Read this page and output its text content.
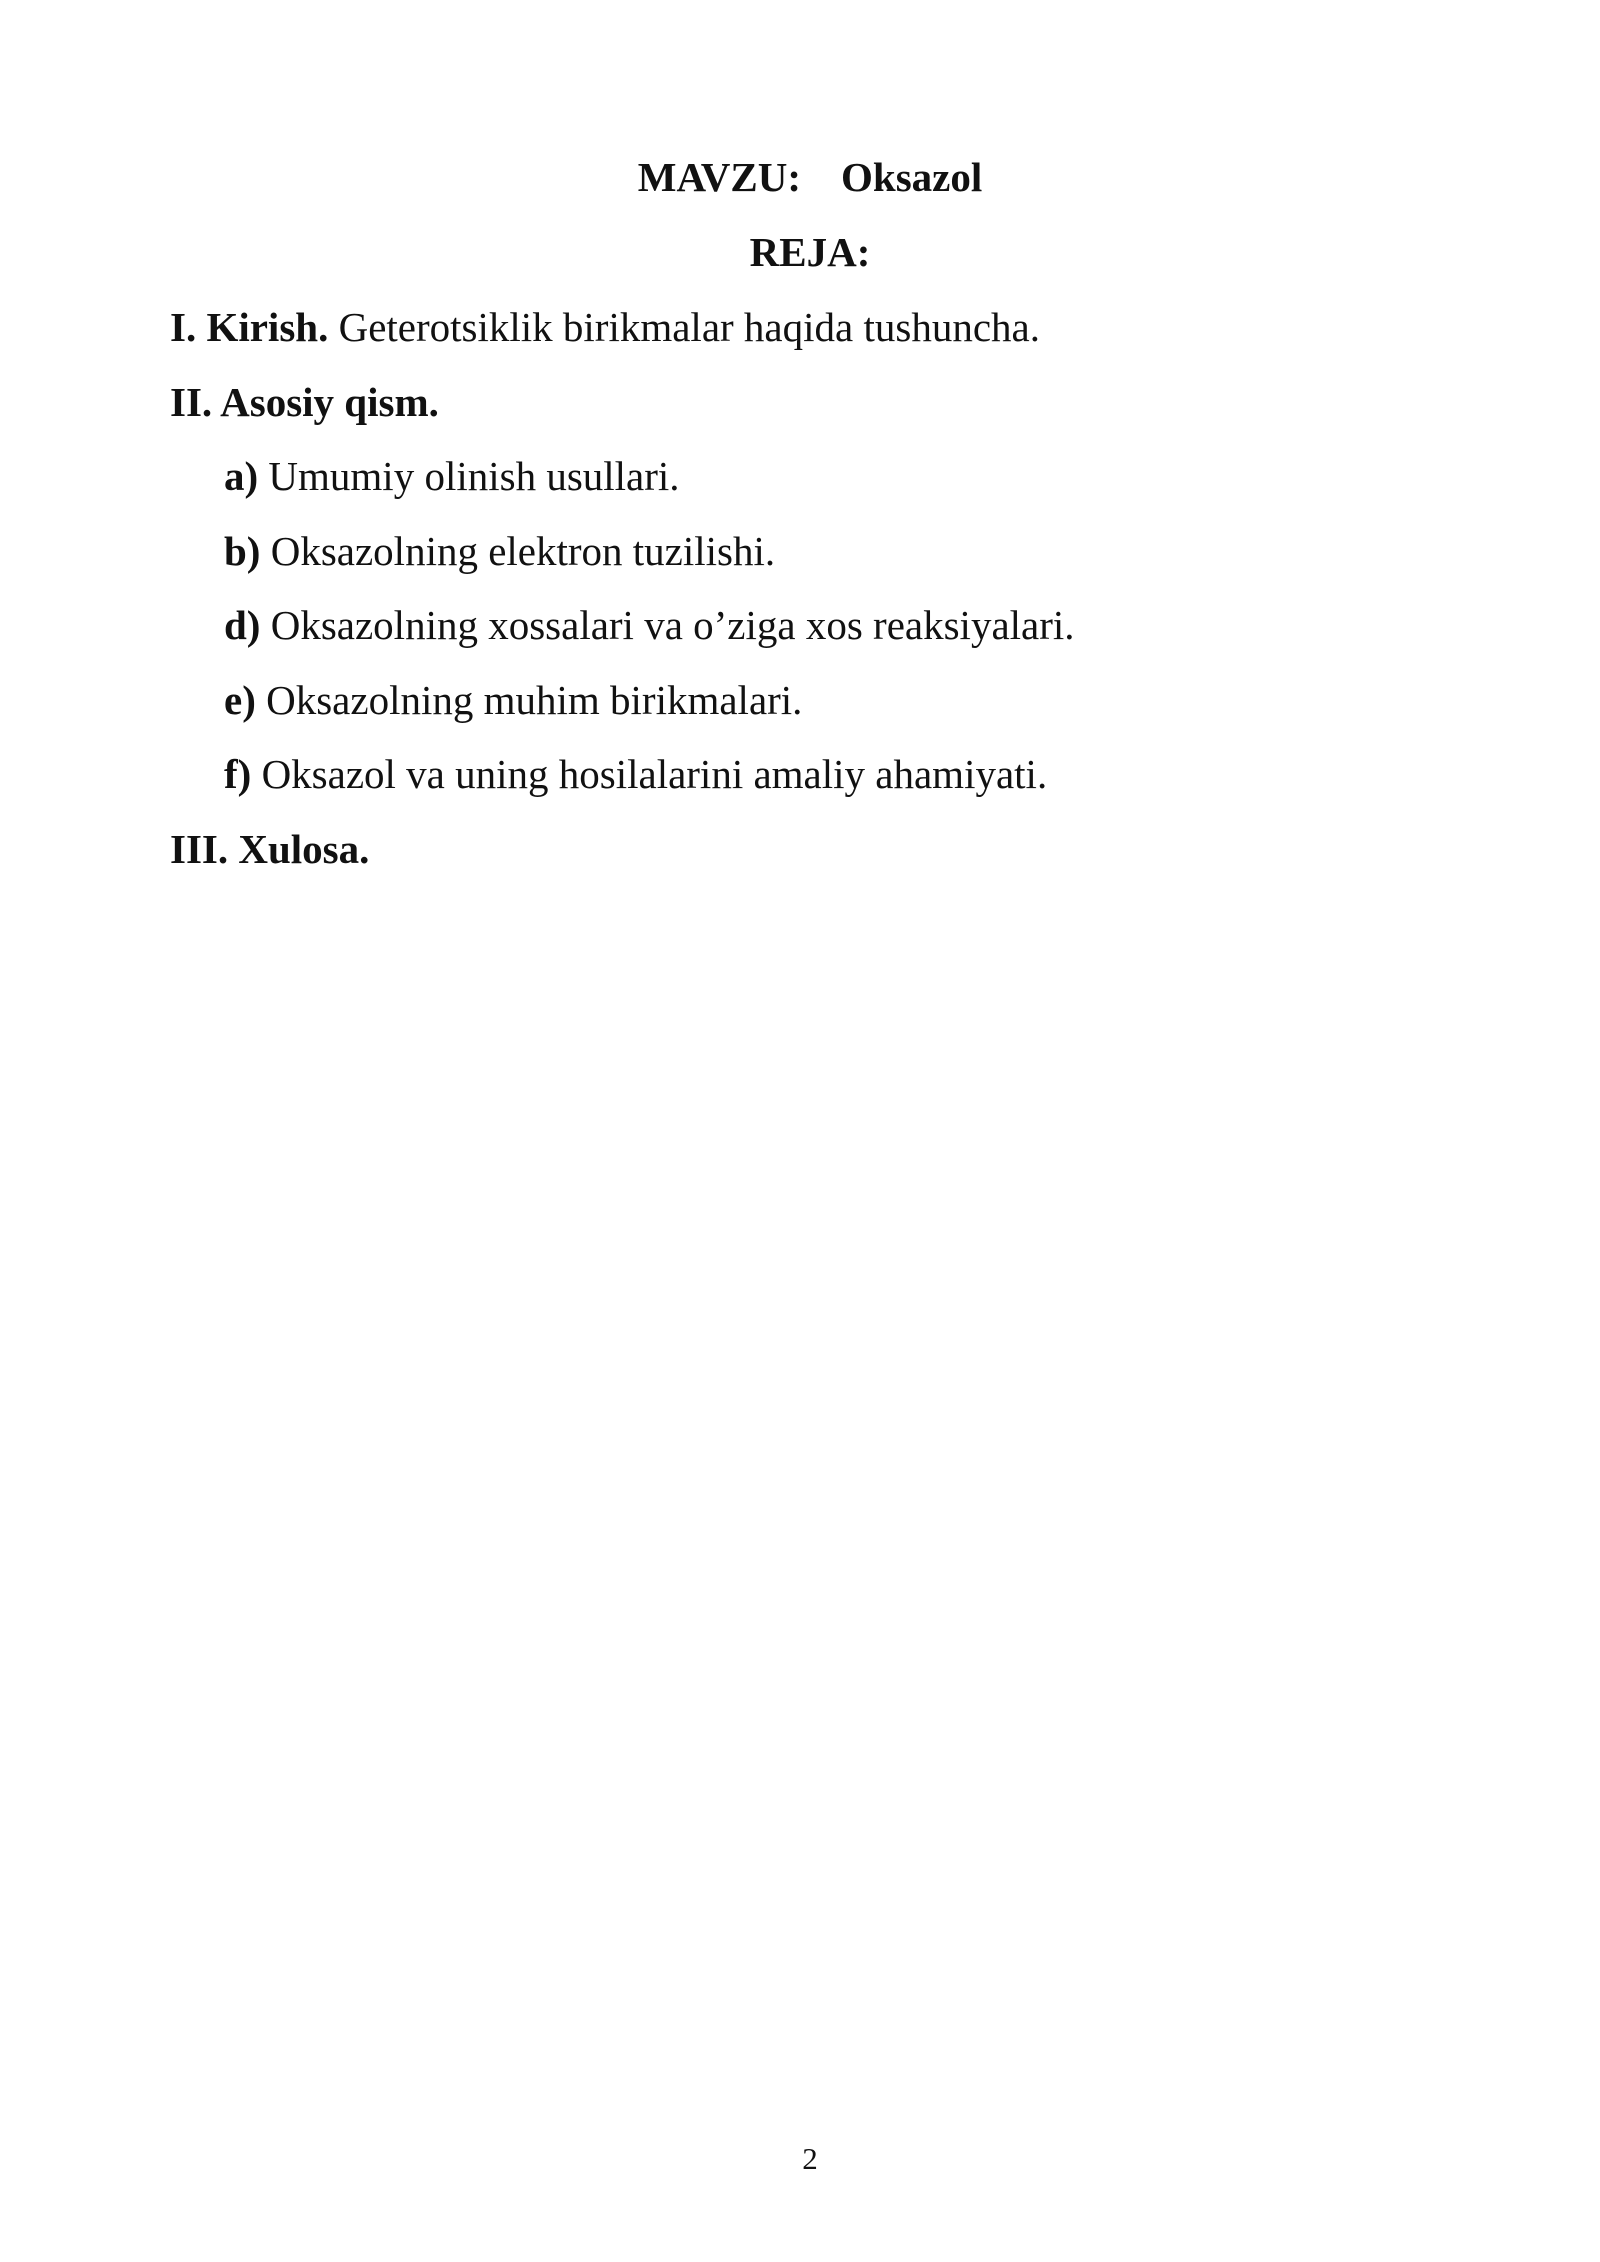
MAVZU: Oksazol
REJA:
I. Kirish. Geterotsiklik birikmalar haqida tushuncha.
II. Asosiy qism.
a) Umumiy olinish usullari.
b) Oksazolning elektron tuzilishi.
d) Oksazolning xossalari va o’ziga xos reaksiyalari.
e) Oksazolning muhim birikmalari.
f) Oksazol va uning hosilalarini amaliy ahamiyati.
III. Xulosa.
2
